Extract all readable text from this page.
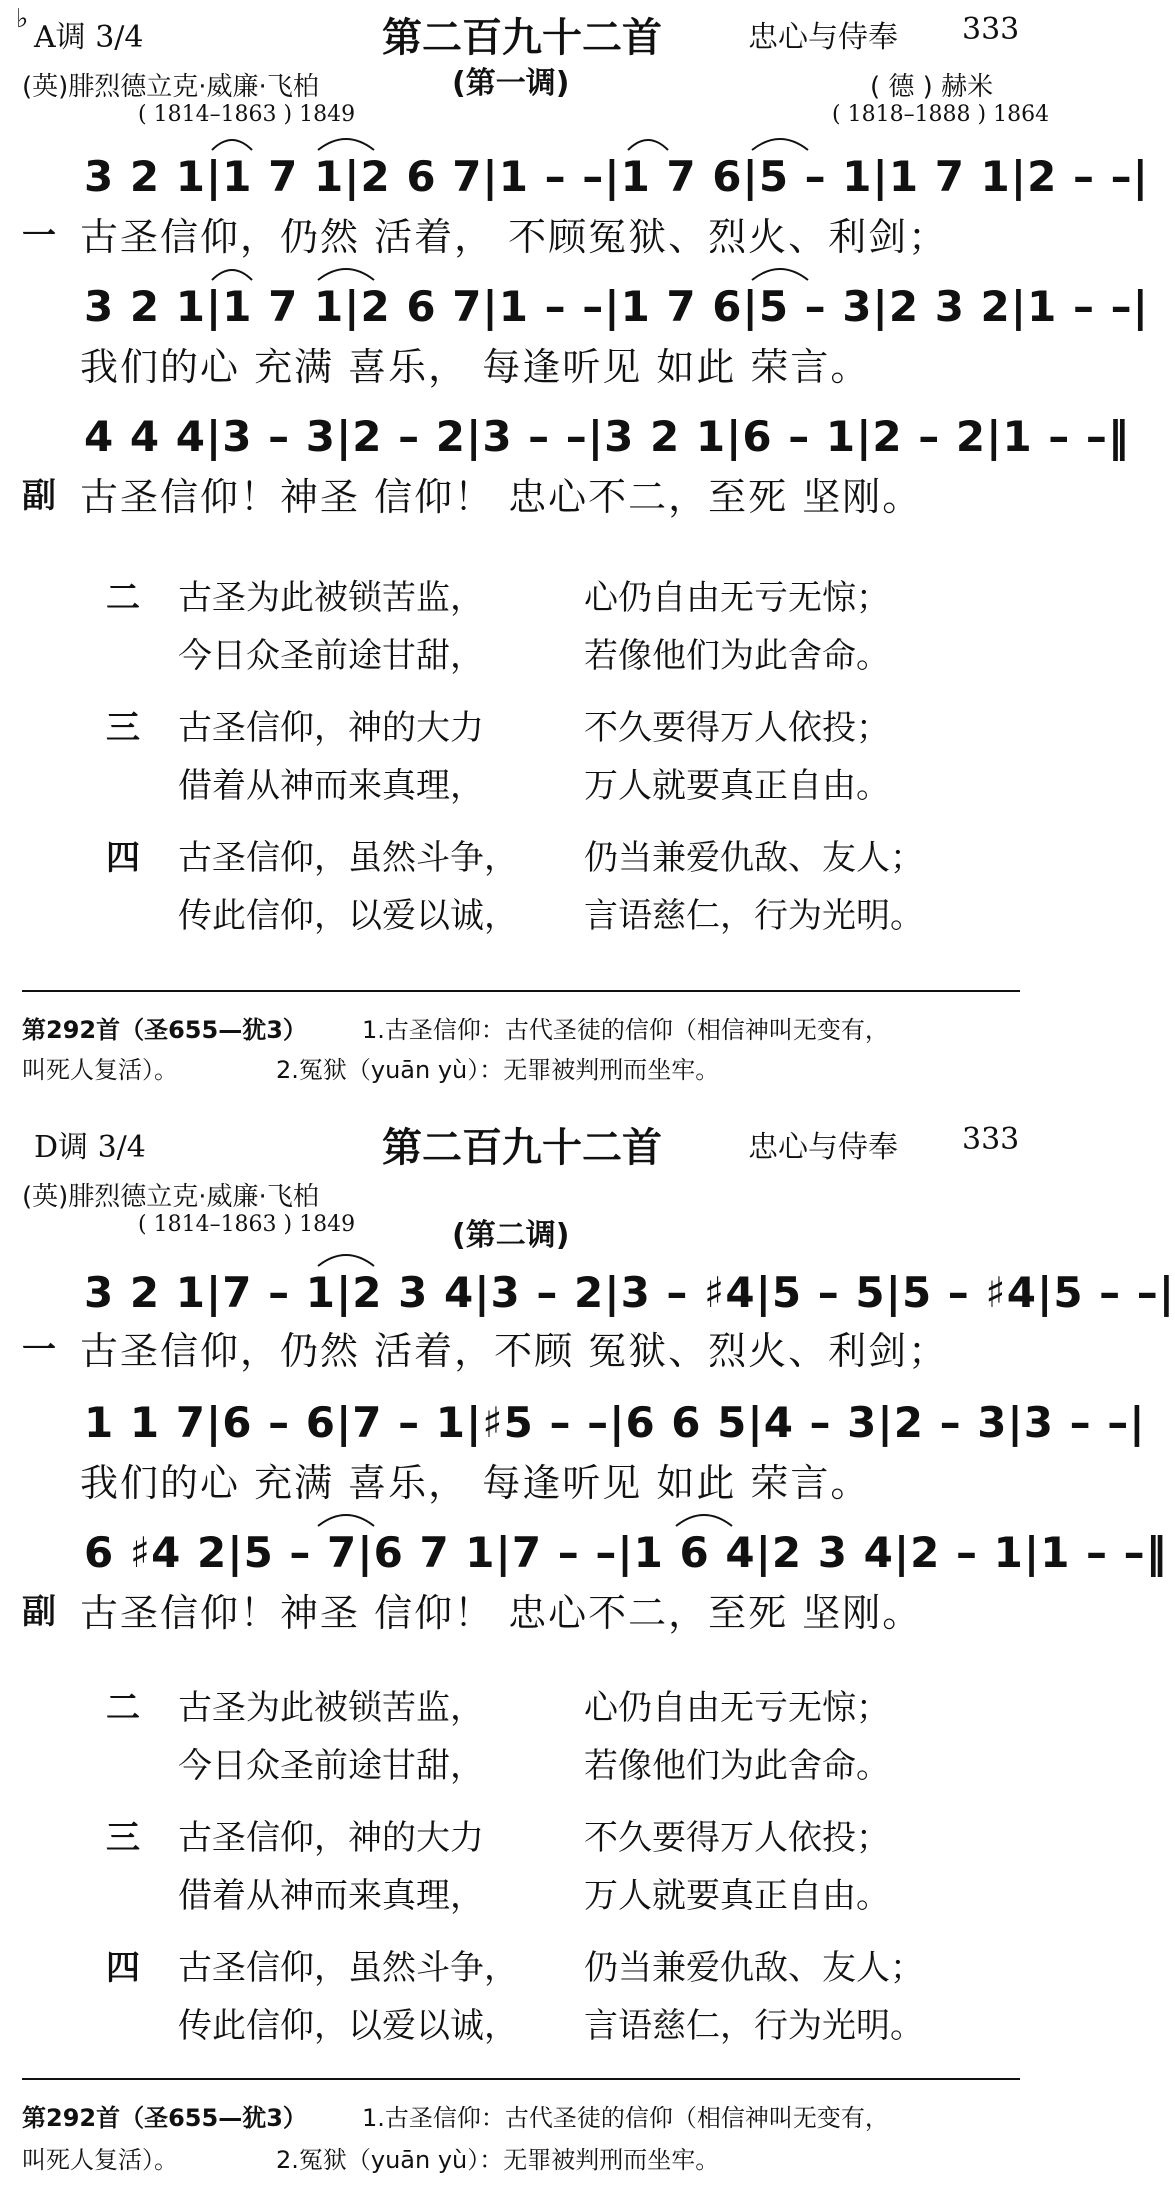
♭
A调 3/4	第二百九十二首	忠心与侍奉 333
(英)腓烈德立克·威廉·飞柏	(第一调)	( 德 ) 赫米
( 1814–1863 ) 1849	( 1818–1888 ) 1864
3 2 1|1 7 1|2 6 7|1 – –|1 7 6|5 – 1|1 7 1|2 – –|
一 古圣信仰，仍然 活着， 不顾冤狱、烈火、利剑；
3 2 1|1 7 1|2 6 7|1 – –|1 7 6|5 – 3|2 3 2|1 – –|
我们的心 充满 喜乐， 每逢听见 如此 荣言。
4 4 4|3 – 3|2 – 2|3 – –|3 2 1|6 – 1|2 – 2|1 – –‖
副 古圣信仰！神圣 信仰！ 忠心不二，至死 坚刚。
二 古圣为此被锁苦监，	心仍自由无亏无惊；
今日众圣前途甘甜，	若像他们为此舍命。
三 古圣信仰，神的大力	不久要得万人依投；
借着从神而来真理，	万人就要真正自由。
四 古圣信仰，虽然斗争， 仍当兼爱仇敌、友人；
传此信仰，以爱以诚， 言语慈仁，行为光明。
第292首（圣655—犹3） 1.古圣信仰：古代圣徒的信仰（相信神叫无变有，
叫死人复活）。	2.冤狱（yuān yù）：无罪被判刑而坐牢。
D调 3/4	第二百九十二首	忠心与侍奉 333
(英)腓烈德立克·威廉·飞柏
( 1814–1863 ) 1849	(第二调)
3 2 1|7 – 1|2 3 4|3 – 2|3 – ♯4|5 – 5|5 – ♯4|5 – –|
一 古圣信仰，仍然 活着，不顾 冤狱、烈火、利剑；
1 1 7|6 – 6|7 – 1|♯5 – –|6 6 5|4 – 3|2 – 3|3 – –|
我们的心 充满 喜乐， 每逢听见 如此 荣言。
6 ♯4 2|5 – 7|6 7 1|7 – –|1 6 4|2 3 4|2 – 1|1 – –‖
副 古圣信仰！神圣 信仰！ 忠心不二，至死 坚刚。
二 古圣为此被锁苦监，	心仍自由无亏无惊；
今日众圣前途甘甜，	若像他们为此舍命。
三 古圣信仰，神的大力	不久要得万人依投；
借着从神而来真理，	万人就要真正自由。
四 古圣信仰，虽然斗争， 仍当兼爱仇敌、友人；
传此信仰，以爱以诚， 言语慈仁，行为光明。
第292首（圣655—犹3） 1.古圣信仰：古代圣徒的信仰（相信神叫无变有，
叫死人复活）。	2.冤狱（yuān yù）：无罪被判刑而坐牢。
